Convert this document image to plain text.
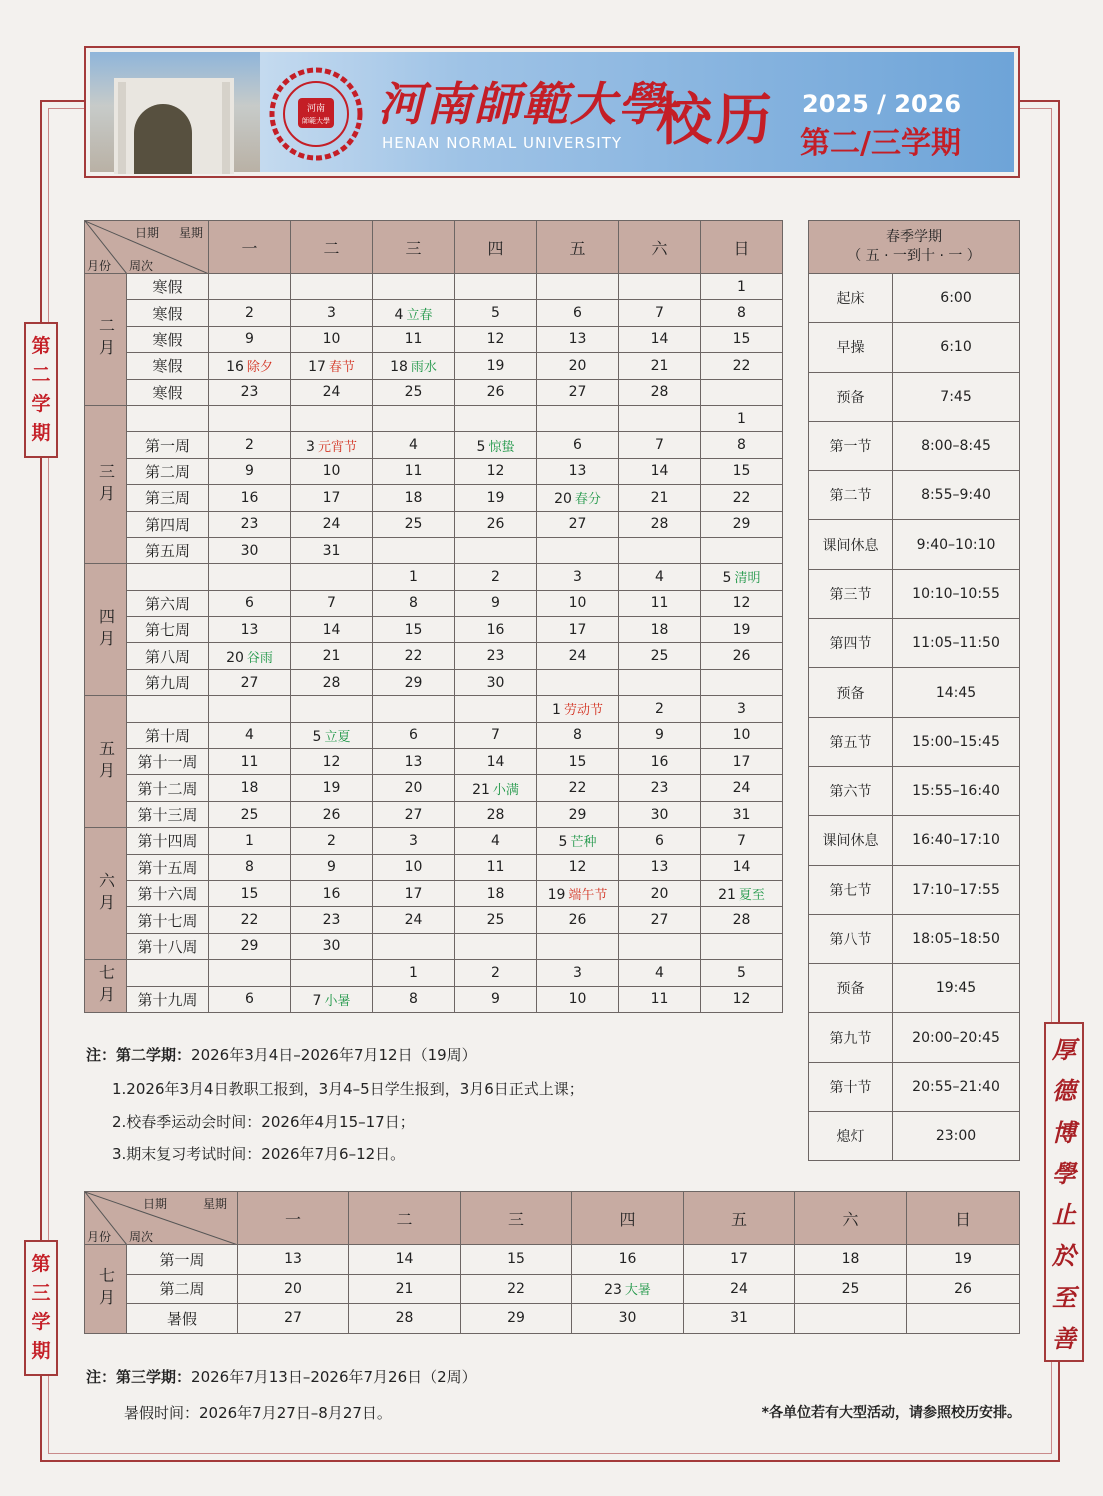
河南
師範大學 河南師範大學
HENAN NORMAL UNIVERSITY 校历 2025 / 2026
第二/三学期
第
二
学
期
第
三
学
期
厚
德
博
學
止
於
至
善
日期 星期
月份 周次		一	二	三	四	五	六	日
二月	寒假							1
	寒假	2	3	4 立春	5	6	7	8
	寒假	9	10	11	12	13	14	15
	寒假	16 除夕	17 春节	18 雨水	19	20	21	22
	寒假	23	24	25	26	27	28	
三月								1
	第一周	2	3 元宵节	4	5 惊蛰	6	7	8
	第二周	9	10	11	12	13	14	15
	第三周	16	17	18	19	20 春分	21	22
	第四周	23	24	25	26	27	28	29
	第五周	30	31					
四月				1	2	3	4	5 清明
	第六周	6	7	8	9	10	11	12
	第七周	13	14	15	16	17	18	19
	第八周	20 谷雨	21	22	23	24	25	26
	第九周	27	28	29	30			
五月						1 劳动节	2	3
	第十周	4	5 立夏	6	7	8	9	10
	第十一周	11	12	13	14	15	16	17
	第十二周	18	19	20	21 小满	22	23	24
	第十三周	25	26	27	28	29	30	31
六月	第十四周	1	2	3	4	5 芒种	6	7
	第十五周	8	9	10	11	12	13	14
	第十六周	15	16	17	18	19 端午节	20	21 夏至
	第十七周	22	23	24	25	26	27	28
	第十八周	29	30					
七月				1	2	3	4	5
	第十九周	6	7 小暑	8	9	10	11	12
春季学期
（ 五 · 一到十 · 一 ）	

起床	6:00
早操	6:10
预备	7:45
第一节	8:00–8:45
第二节	8:55–9:40
课间休息	9:40–10:10
第三节	10:10–10:55
第四节	11:05–11:50
预备	14:45
第五节	15:00–15:45
第六节	15:55–16:40
课间休息	16:40–17:10
第七节	17:10–17:55
第八节	18:05–18:50
预备	19:45
第九节	20:00–20:45
第十节	20:55–21:40
熄灯	23:00
注：第二学期：2026年3月4日–2026年7月12日（19周）
1.2026年3月4日教职工报到，3月4–5日学生报到，3月6日正式上课；
2.校春季运动会时间：2026年4月15–17日；
3.期末复习考试时间：2026年7月6–12日。
日期 星期
月份 周次		一	二	三	四	五	六	日
七月	第一周	13	14	15	16	17	18	19
	第二周	20	21	22	23 大暑	24	25	26
	暑假	27	28	29	30	31		
注：第三学期：2026年7月13日–2026年7月26日（2周）
暑假时间：2026年7月27日–8月27日。	*各单位若有大型活动，请参照校历安排。
